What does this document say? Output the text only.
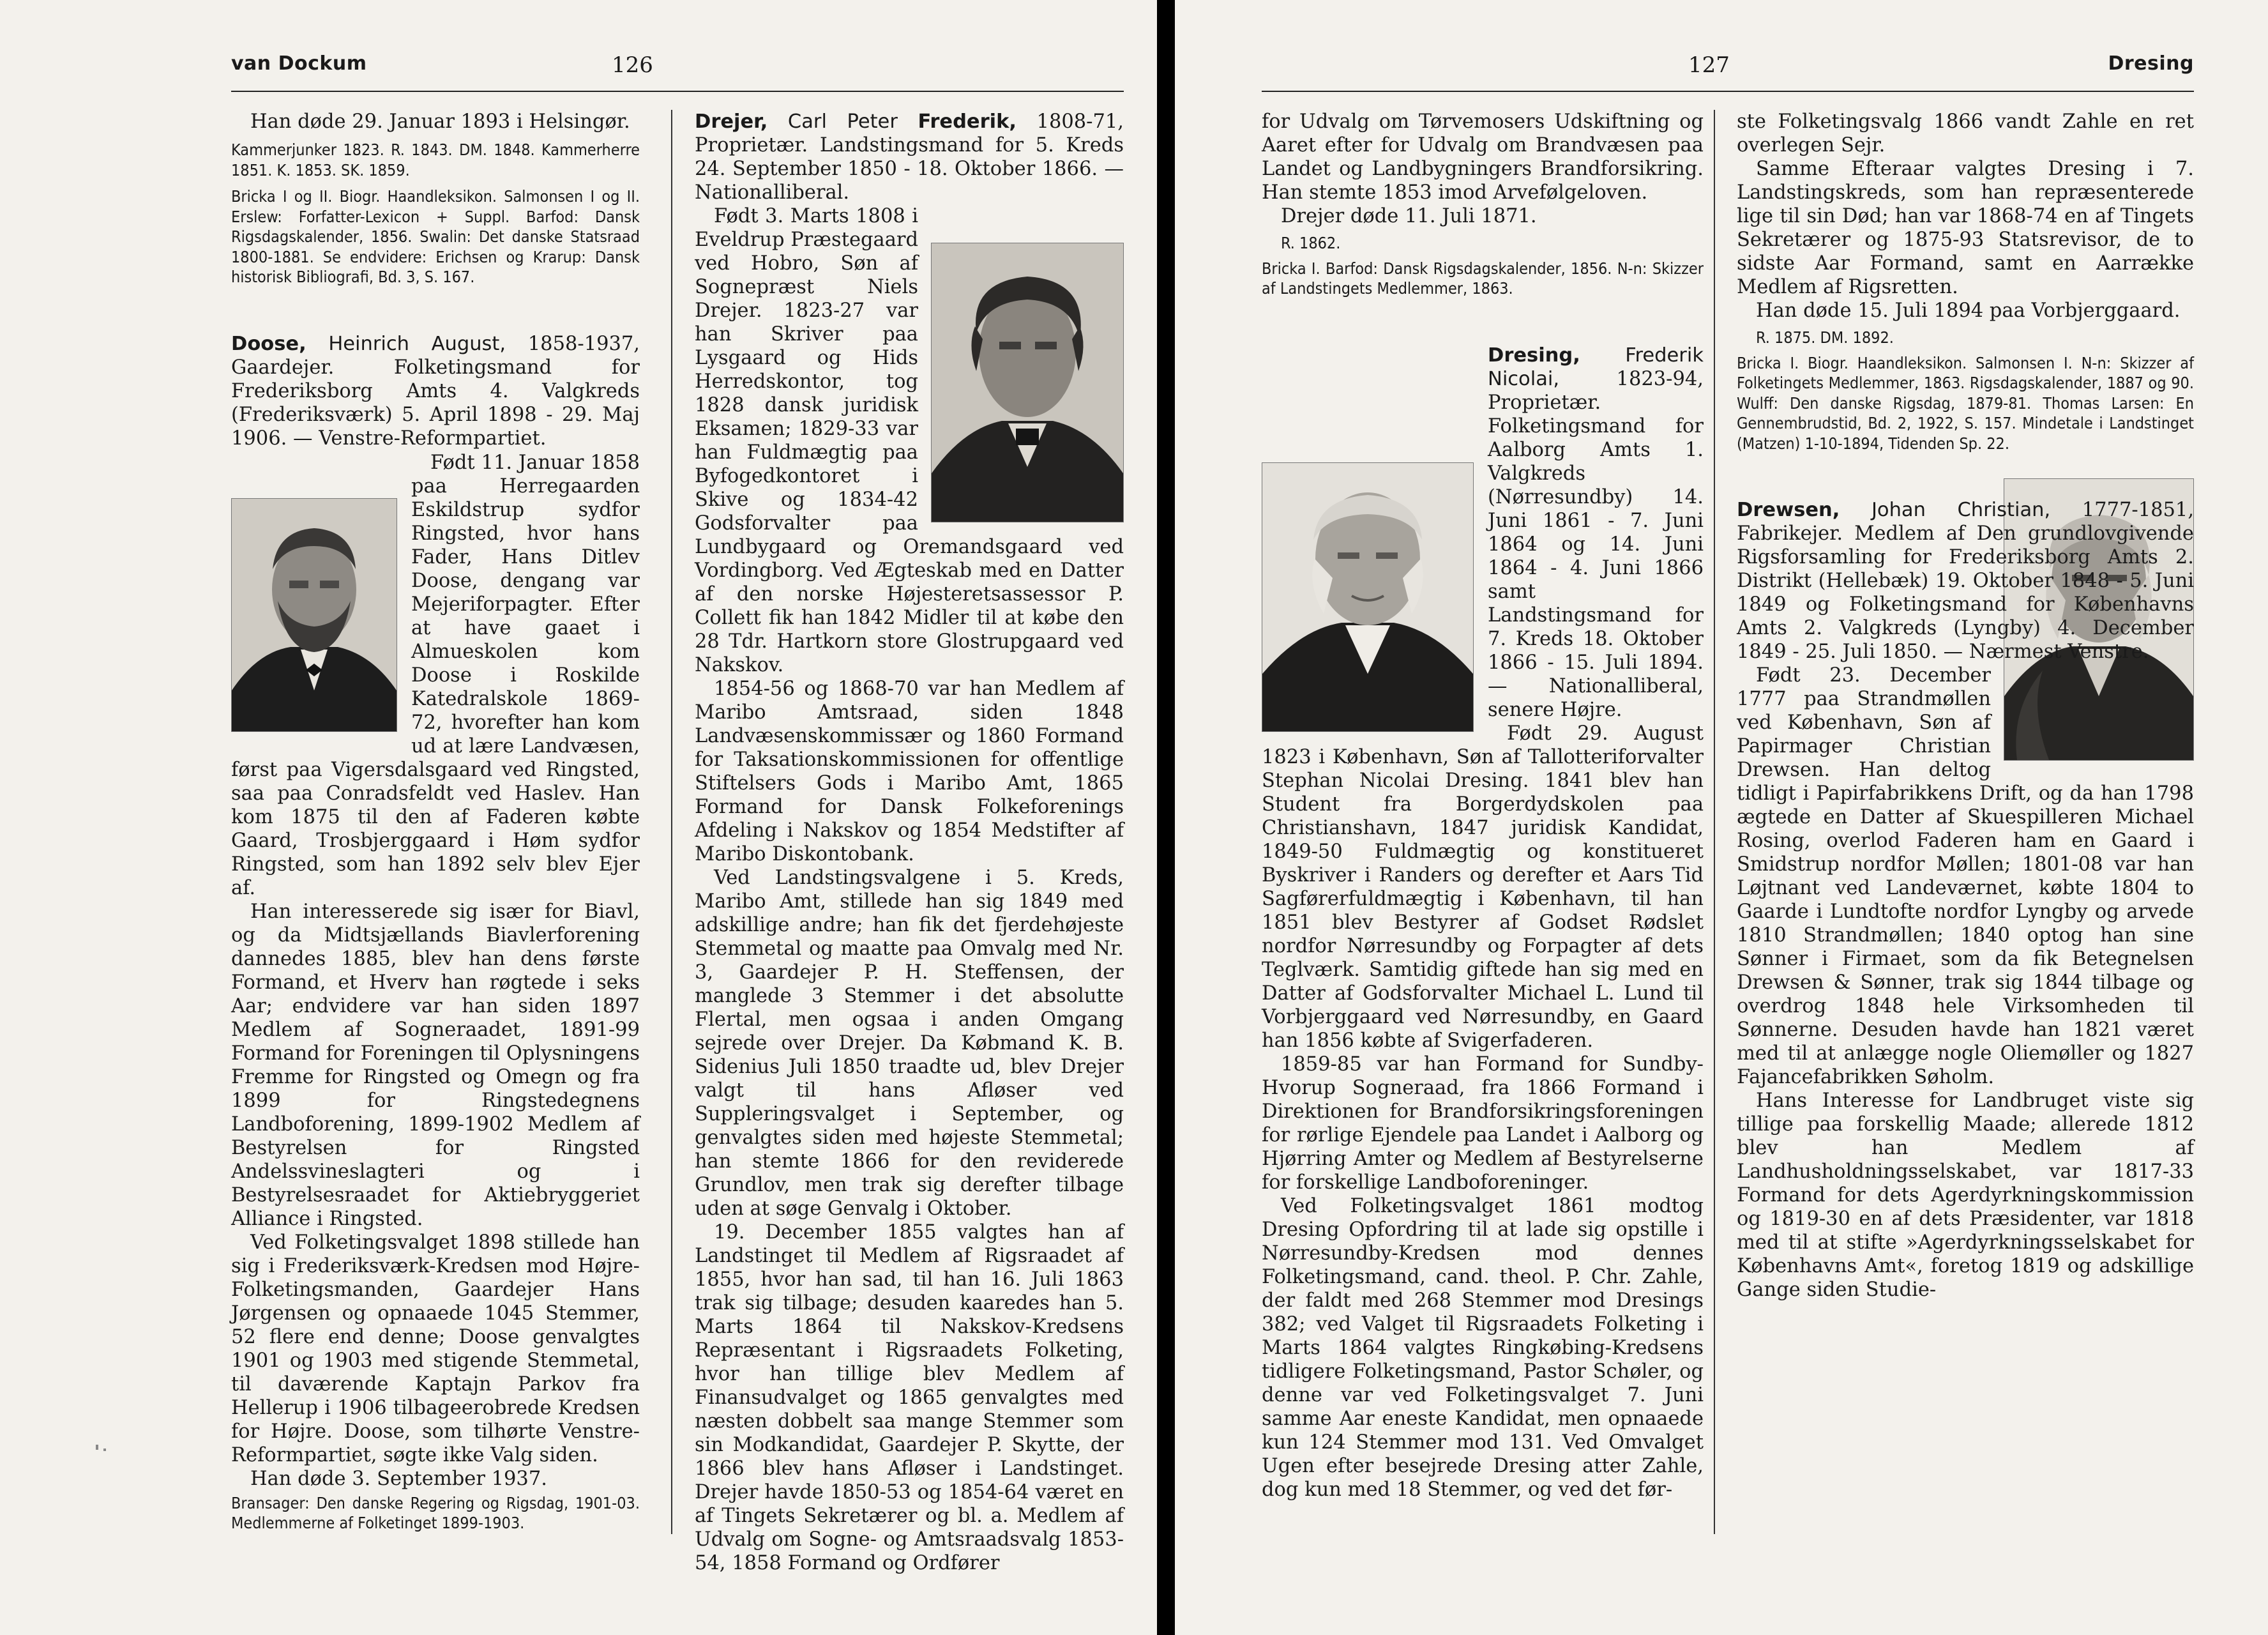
van Dockum	126

Han døde 29. Januar 1893 i Helsingør.

Kammerjunker 1823. R. 1843. DM. 1848. Kammerherre 1851. K. 1853. SK. 1859.

Bricka I og II. Biogr. Haandleksikon. Salmonsen I og II. Erslew: Forfatter-Lexicon + Suppl. Barfod: Dansk Rigsdagskalender, 1856. Swalin: Det danske Statsraad 1800-1881. Se endvidere: Erichsen og Krarup: Dansk historisk Bibliografi, Bd. 3, S. 167.

Doose, Heinrich August, 1858-1937, Gaardejer. Folketingsmand for Frederiksborg Amts 4. Valgkreds (Frederiksværk) 5. April 1898 - 29. Maj 1906. — Venstre-Reformpartiet.

Født 11. Januar 1858 paa Herregaarden Eskildstrup sydfor Ringsted, hvor hans Fader, Hans Ditlev Doose, dengang var Mejeriforpagter. Efter at have gaaet i Almueskolen kom Doose i Roskilde Katedralskole 1869-72, hvorefter han kom ud at lære Landvæsen, først paa Vigersdalsgaard ved Ringsted, saa paa Conradsfeldt ved Haslev. Han kom 1875 til den af Faderen købte Gaard, Trosbjerggaard i Høm sydfor Ringsted, som han 1892 selv blev Ejer af.

Han interesserede sig især for Biavl, og da Midtsjællands Biavlerforening dannedes 1885, blev han dens første Formand, et Hverv han røgtede i seks Aar; endvidere var han siden 1897 Medlem af Sogneraadet, 1891-99 Formand for Foreningen til Oplysningens Fremme for Ringsted og Omegn og fra 1899 for Ringstedegnens Landboforening, 1899-1902 Medlem af Bestyrelsen for Ringsted Andelssvineslagteri og i Bestyrelsesraadet for Aktiebryggeriet Alliance i Ringsted.

Ved Folketingsvalget 1898 stillede han sig i Frederiksværk-Kredsen mod Højre-Folketingsmanden, Gaardejer Hans Jørgensen og opnaaede 1045 Stemmer, 52 flere end denne; Doose genvalgtes 1901 og 1903 med stigende Stemmetal, til daværende Kaptajn Parkov fra Hellerup i 1906 tilbageerobrede Kredsen for Højre. Doose, som tilhørte Venstre-Reformpartiet, søgte ikke Valg siden.

Han døde 3. September 1937.

Bransager: Den danske Regering og Rigsdag, 1901-03. Medlemmerne af Folketinget 1899-1903.

Drejer, Carl Peter Frederik, 1808-71, Proprietær. Landstingsmand for 5. Kreds 24. September 1850 - 18. Oktober 1866. — Nationalliberal.

Født 3. Marts 1808 i Eveldrup Præstegaard ved Hobro, Søn af Sognepræst Niels Drejer. 1823-27 var han Skriver paa Lysgaard og Hids Herredskontor, tog 1828 dansk juridisk Eksamen; 1829-33 var han Fuldmægtig paa Byfogedkontoret i Skive og 1834-42 Godsforvalter paa Lundbygaard og Oremandsgaard ved Vordingborg. Ved Ægteskab med en Datter af den norske Højesteretsassessor P. Collett fik han 1842 Midler til at købe den 28 Tdr. Hartkorn store Glostrupgaard ved Nakskov.

1854-56 og 1868-70 var han Medlem af Maribo Amtsraad, siden 1848 Landvæsenskommissær og 1860 Formand for Taksationskommissionen for offentlige Stiftelsers Gods i Maribo Amt, 1865 Formand for Dansk Folkeforenings Afdeling i Nakskov og 1854 Medstifter af Maribo Diskontobank.

Ved Landstingsvalgene i 5. Kreds, Maribo Amt, stillede han sig 1849 med adskillige andre; han fik det fjerdehøjeste Stemmetal og maatte paa Omvalg med Nr. 3, Gaardejer P. H. Steffensen, der manglede 3 Stemmer i det absolutte Flertal, men ogsaa i anden Omgang sejrede over Drejer. Da Købmand K. B. Sidenius Juli 1850 traadte ud, blev Drejer valgt til hans Afløser ved Suppleringsvalget i September, og genvalgtes siden med højeste Stemmetal; han stemte 1866 for den reviderede Grundlov, men trak sig derefter tilbage uden at søge Genvalg i Oktober.

19. December 1855 valgtes han af Landstinget til Medlem af Rigsraadet af 1855, hvor han sad, til han 16. Juli 1863 trak sig tilbage; desuden kaaredes han 5. Marts 1864 til Nakskov-Kredsens Repræsentant i Rigsraadets Folketing, hvor han tillige blev Medlem af Finansudvalget og 1865 genvalgtes med næsten dobbelt saa mange Stemmer som sin Modkandidat, Gaardejer P. Skytte, der 1866 blev hans Afløser i Landstinget. Drejer havde 1850-53 og 1854-64 været en af Tingets Sekretærer og bl. a. Medlem af Udvalg om Sogne- og Amtsraadsvalg 1853-54, 1858 Formand og Ordfører

127	Dresing

for Udvalg om Tørvemosers Udskiftning og Aaret efter for Udvalg om Brandvæsen paa Landet og Landbygningers Brandforsikring. Han stemte 1853 imod Arvefølgeloven.

Drejer døde 11. Juli 1871.

R. 1862.

Bricka I. Barfod: Dansk Rigsdagskalender, 1856. N-n: Skizzer af Landstingets Medlemmer, 1863.

Dresing, Frederik Nicolai, 1823-94, Proprietær. Folketingsmand for Aalborg Amts 1. Valgkreds (Nørresundby) 14. Juni 1861 - 7. Juni 1864 og 14. Juni 1864 - 4. Juni 1866 samt Landstingsmand for 7. Kreds 18. Oktober 1866 - 15. Juli 1894. — Nationalliberal, senere Højre.

Født 29. August 1823 i København, Søn af Tallotteriforvalter Stephan Nicolai Dresing. 1841 blev han Student fra Borgerdydskolen paa Christianshavn, 1847 juridisk Kandidat, 1849-50 Fuldmægtig og konstitueret Byskriver i Randers og derefter et Aars Tid Sagførerfuldmægtig i København, til han 1851 blev Bestyrer af Godset Rødslet nordfor Nørresundby og Forpagter af dets Teglværk. Samtidig giftede han sig med en Datter af Godsforvalter Michael L. Lund til Vorbjerggaard ved Nørresundby, en Gaard han 1856 købte af Svigerfaderen.

1859-85 var han Formand for Sundby-Hvorup Sogneraad, fra 1866 Formand i Direktionen for Brandforsikringsforeningen for rørlige Ejendele paa Landet i Aalborg og Hjørring Amter og Medlem af Bestyrelserne for forskellige Landboforeninger.

Ved Folketingsvalget 1861 modtog Dresing Opfordring til at lade sig opstille i Nørresundby-Kredsen mod dennes Folketingsmand, cand. theol. P. Chr. Zahle, der faldt med 268 Stemmer mod Dresings 382; ved Valget til Rigsraadets Folketing i Marts 1864 valgtes Ringkøbing-Kredsens tidligere Folketingsmand, Pastor Schøler, og denne var ved Folketingsvalget 7. Juni samme Aar eneste Kandidat, men opnaaede kun 124 Stemmer mod 131. Ved Omvalget Ugen efter besejrede Dresing atter Zahle, dog kun med 18 Stemmer, og ved det før-

ste Folketingsvalg 1866 vandt Zahle en ret overlegen Sejr.

Samme Efteraar valgtes Dresing i 7. Landstingskreds, som han repræsenterede lige til sin Død; han var 1868-74 en af Tingets Sekretærer og 1875-93 Statsrevisor, de to sidste Aar Formand, samt en Aarrække Medlem af Rigsretten.

Han døde 15. Juli 1894 paa Vorbjerggaard.

R. 1875. DM. 1892.

Bricka I. Biogr. Haandleksikon. Salmonsen I. N-n: Skizzer af Folketingets Medlemmer, 1863. Rigsdagskalender, 1887 og 90. Wulff: Den danske Rigsdag, 1879-81. Thomas Larsen: En Gennembrudstid, Bd. 2, 1922, S. 157. Mindetale i Landstinget (Matzen) 1-10-1894, Tidenden Sp. 22.

Drewsen, Johan Christian, 1777-1851, Fabrikejer. Medlem af Den grundlovgivende Rigsforsamling for Frederiksborg Amts 2. Distrikt (Hellebæk) 19. Oktober 1848 - 5. Juni 1849 og Folketingsmand for Københavns Amts 2. Valgkreds (Lyngby) 4. December 1849 - 25. Juli 1850. — Nærmest Venstre.

Født 23. December 1777 paa Strandmøllen ved København, Søn af Papirmager Christian Drewsen. Han deltog tidligt i Papirfabrikkens Drift, og da han 1798 ægtede en Datter af Skuespilleren Michael Rosing, overlod Faderen ham en Gaard i Smidstrup nordfor Møllen; 1801-08 var han Løjtnant ved Landeværnet, købte 1804 to Gaarde i Lundtofte nordfor Lyngby og arvede 1810 Strandmøllen; 1840 optog han sine Sønner i Firmaet, som da fik Betegnelsen Drewsen & Sønner, trak sig 1844 tilbage og overdrog 1848 hele Virksomheden til Sønnerne. Desuden havde han 1821 været med til at anlægge nogle Oliemøller og 1827 Fajancefabrikken Søholm.

Hans Interesse for Landbruget viste sig tillige paa forskellig Maade; allerede 1812 blev han Medlem af Landhusholdningsselskabet, var 1817-33 Formand for dets Agerdyrkningskommission og 1819-30 en af dets Præsidenter, var 1818 med til at stifte »Agerdyrkningsselskabet for Københavns Amt«, foretog 1819 og adskillige Gange siden Studie-
